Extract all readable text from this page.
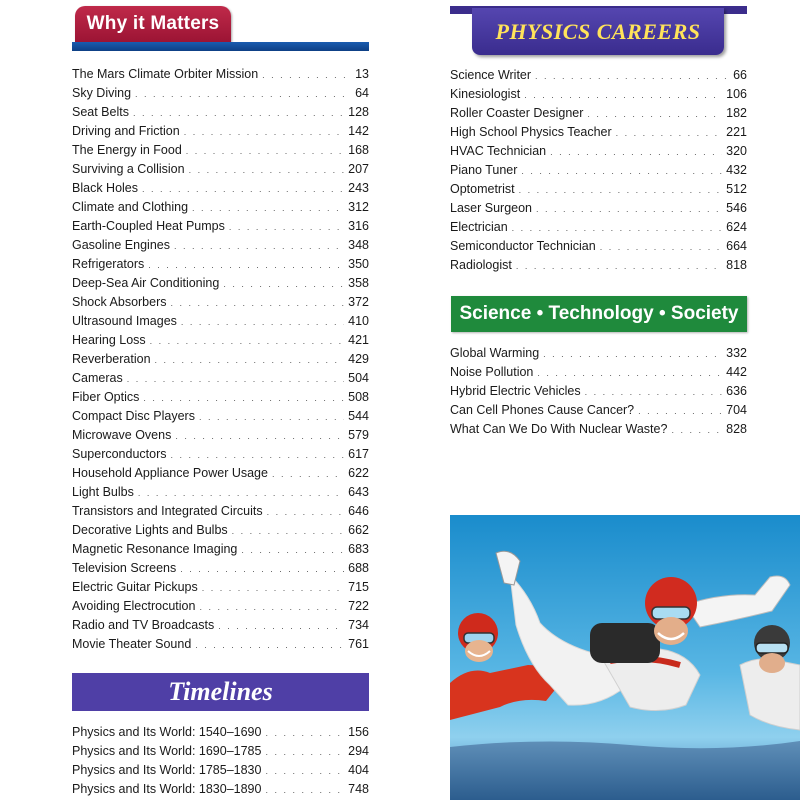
Why it Matters
The Mars Climate Orbiter Mission . . .	13
Sky Diving . . .	64
Seat Belts . . .	128
Driving and Friction . . .	142
The Energy in Food . . .	168
Surviving a Collision . . .	207
Black Holes . . .	243
Climate and Clothing . . .	312
Earth-Coupled Heat Pumps . . .	316
Gasoline Engines . . .	348
Refrigerators . . .	350
Deep-Sea Air Conditioning . . .	358
Shock Absorbers . . .	372
Ultrasound Images . . .	410
Hearing Loss . . .	421
Reverberation . . .	429
Cameras . . .	504
Fiber Optics . . .	508
Compact Disc Players . . .	544
Microwave Ovens . . .	579
Superconductors . . .	617
Household Appliance Power Usage . . .	622
Light Bulbs . . .	643
Transistors and Integrated Circuits . . .	646
Decorative Lights and Bulbs . . .	662
Magnetic Resonance Imaging . . .	683
Television Screens . . .	688
Electric Guitar Pickups . . .	715
Avoiding Electrocution . . .	722
Radio and TV Broadcasts . . .	734
Movie Theater Sound . . .	761
Timelines
Physics and Its World: 1540–1690 . . .	156
Physics and Its World: 1690–1785 . . .	294
Physics and Its World: 1785–1830 . . .	404
Physics and Its World: 1830–1890 . . .	748
PHYSICS CAREERS
Science Writer . . .	66
Kinesiologist . . .	106
Roller Coaster Designer . . .	182
High School Physics Teacher . . .	221
HVAC Technician . . .	320
Piano Tuner . . .	432
Optometrist . . .	512
Laser Surgeon . . .	546
Electrician . . .	624
Semiconductor Technician . . .	664
Radiologist . . .	818
Science • Technology • Society
Global Warming . . .	332
Noise Pollution . . .	442
Hybrid Electric Vehicles . . .	636
Can Cell Phones Cause Cancer? . . .	704
What Can We Do With Nuclear Waste? . . .	828
